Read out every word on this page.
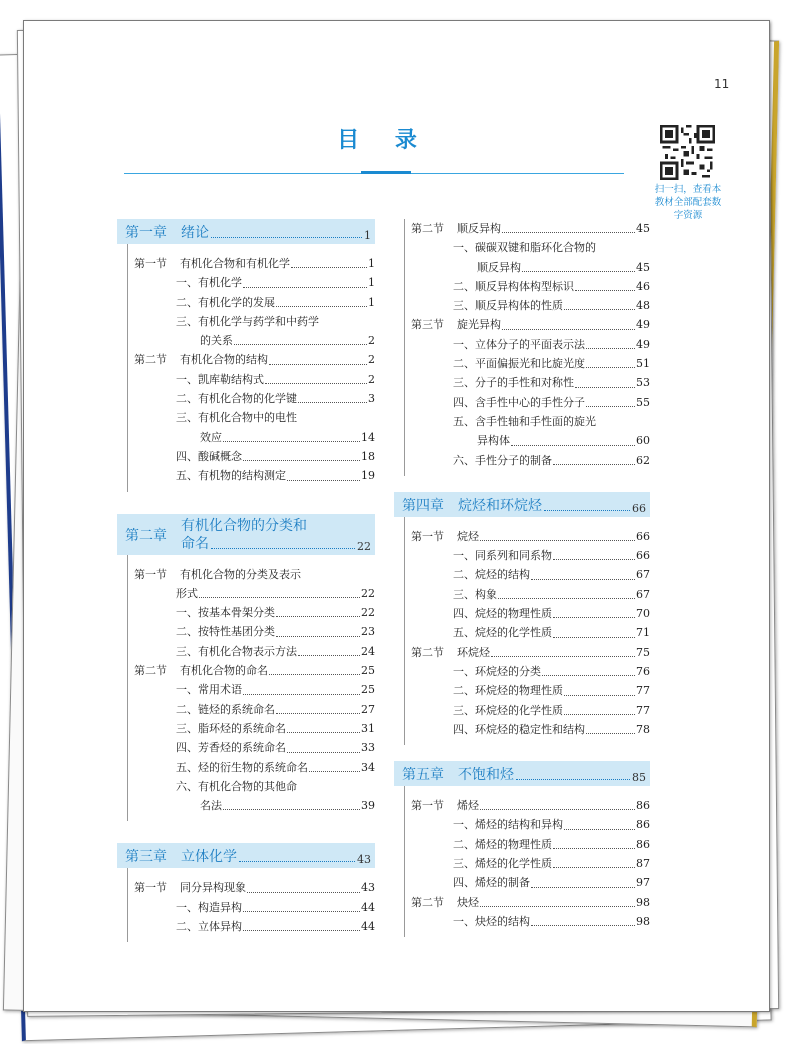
11
目 录
扫一扫，查看本教材全部配套数字资源
第一章 绪论	1
第一节	有机化合物和有机化学	1
一、有机化学	1
二、有机化学的发展	1
三、有机化学与药学和中药学
的关系	2
第二节	有机化合物的结构	2
一、凯库勒结构式	2
二、有机化合物的化学键	3
三、有机化合物中的电性
效应	14
四、酸碱概念	18
五、有机物的结构测定	19
第二章
有机化合物的分类和
命名	22
第一节	有机化合物的分类及表示
形式	22
一、按基本骨架分类	22
二、按特性基团分类	23
三、有机化合物表示方法	24
第二节	有机化合物的命名	25
一、常用术语	25
二、链烃的系统命名	27
三、脂环烃的系统命名	31
四、芳香烃的系统命名	33
五、烃的衍生物的系统命名	34
六、有机化合物的其他命
名法	39
第三章 立体化学	43
第一节	同分异构现象	43
一、构造异构	44
二、立体异构	44
第二节	顺反异构	45
一、碳碳双键和脂环化合物的
顺反异构	45
二、顺反异构体构型标识	46
三、顺反异构体的性质	48
第三节	旋光异构	49
一、立体分子的平面表示法	49
二、平面偏振光和比旋光度	51
三、分子的手性和对称性	53
四、含手性中心的手性分子	55
五、含手性轴和手性面的旋光
异构体	60
六、手性分子的制备	62
第四章 烷烃和环烷烃	66
第一节	烷烃	66
一、同系列和同系物	66
二、烷烃的结构	67
三、构象	67
四、烷烃的物理性质	70
五、烷烃的化学性质	71
第二节	环烷烃	75
一、环烷烃的分类	76
二、环烷烃的物理性质	77
三、环烷烃的化学性质	77
四、环烷烃的稳定性和结构	78
第五章 不饱和烃	85
第一节	烯烃	86
一、烯烃的结构和异构	86
二、烯烃的物理性质	86
三、烯烃的化学性质	87
四、烯烃的制备	97
第二节	炔烃	98
一、炔烃的结构	98
